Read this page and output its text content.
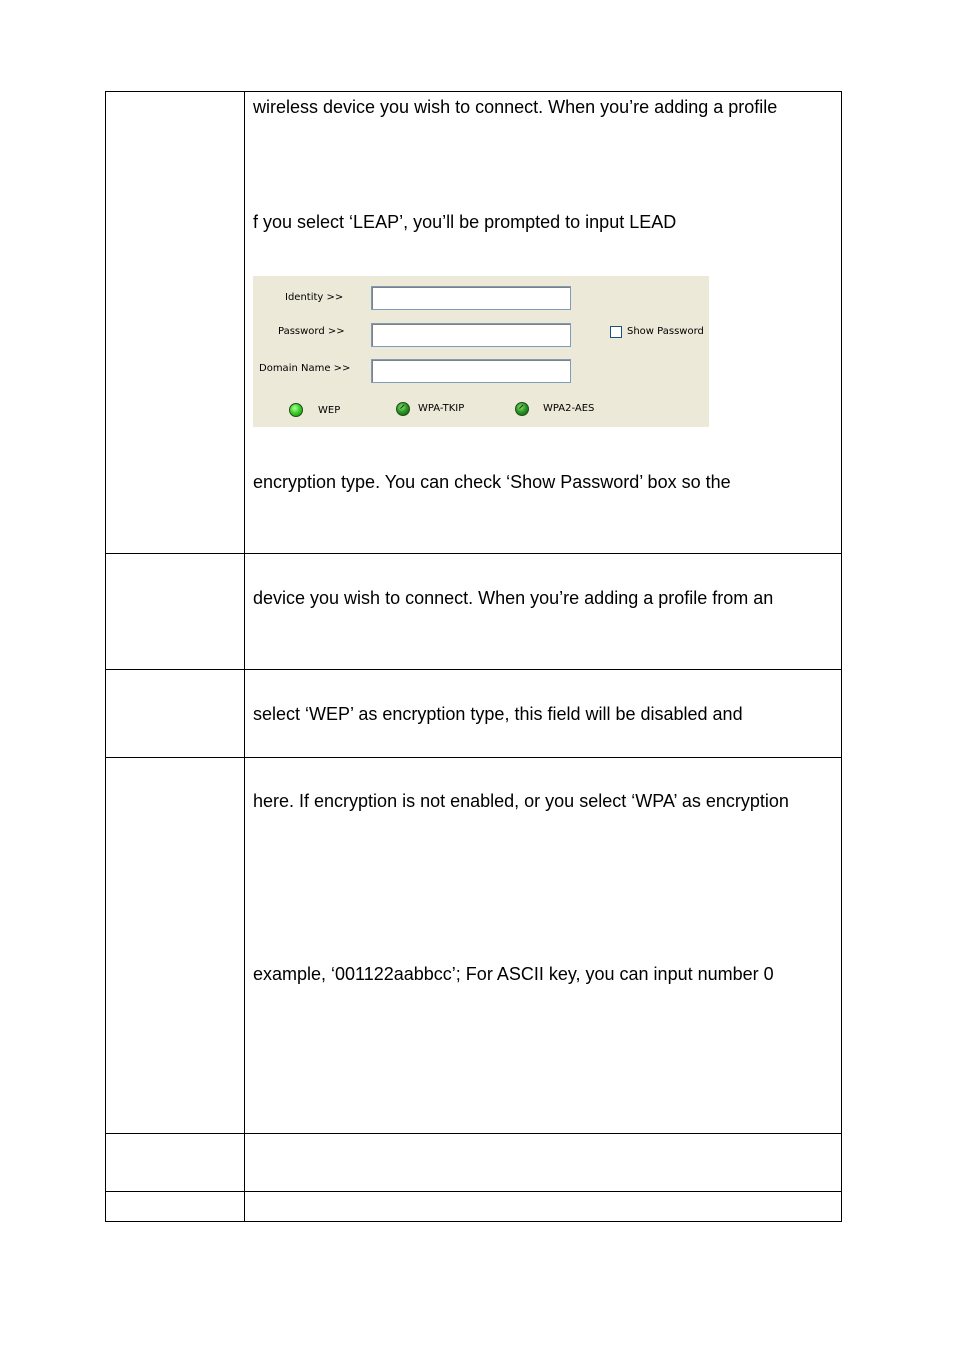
wireless device you wish to connect. When you’re adding a profile
f you select ‘LEAP’, you’ll be prompted to input LEAD
Identity >>
Password >>	Show Password
Domain Name >>
WEP	WPA-TKIP	WPA2-AES
encryption type. You can check ‘Show Password’ box so the
device you wish to connect. When you’re adding a profile from an
select ‘WEP’ as encryption type, this field will be disabled and
here. If encryption is not enabled, or you select ‘WPA’ as encryption
example, ‘001122aabbcc’; For ASCII key, you can input number 0
